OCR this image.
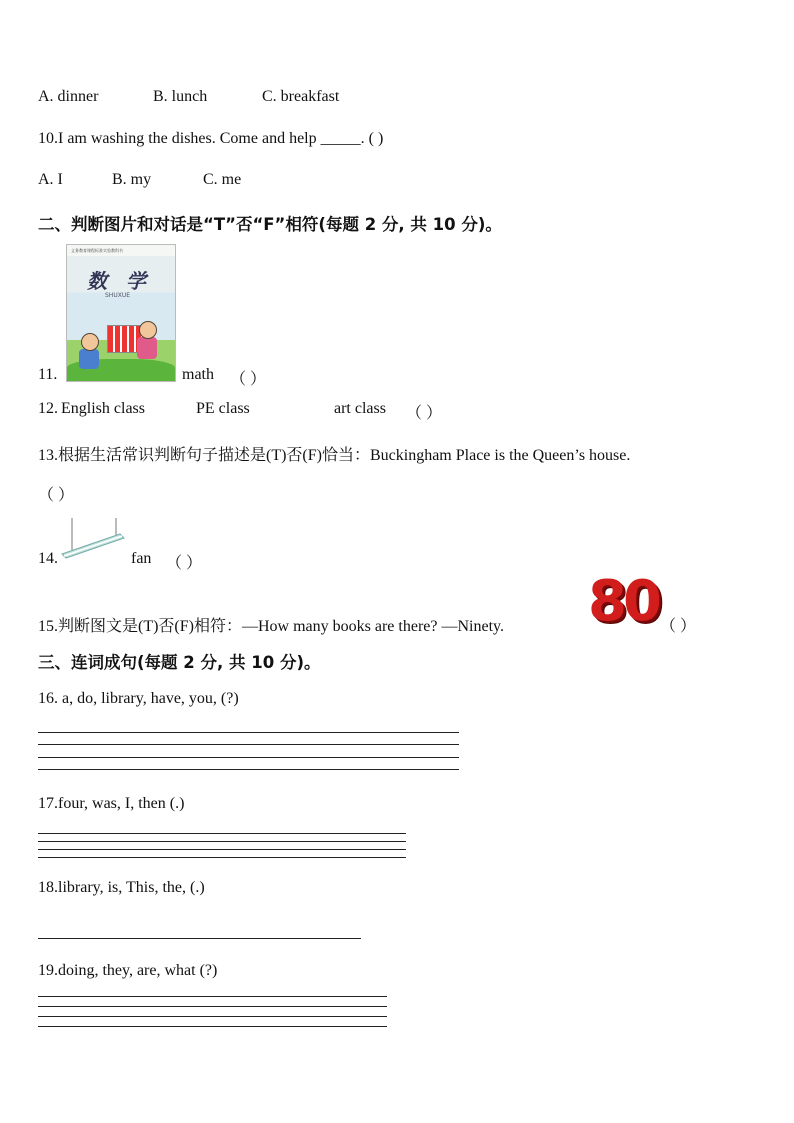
A. dinner	B. lunch	C. breakfast
10.I am washing the dishes. Come and help _____. ( )
A. I	B. my	C. me
二、判断图片和对话是“T”否“F”相符(每题 2 分, 共 10 分)。
义务教育课程标准实验教科书
数 学
SHUXUE
11.	math （ ）
12. English class	PE class	art class （ ）
13.根据生活常识判断句子描述是(T)否(F)恰当：Buckingham Place is the Queen’s house.
（ ）
14.	fan （ ）
15.判断图文是(T)否(F)相符：—How many books are there? —Ninety. 80 （ ）
三、连词成句(每题 2 分, 共 10 分)。
16. a, do, library, have, you, (?)
17.four, was, I, then (.)
18.library, is, This, the, (.)
19.doing, they, are, what (?)
